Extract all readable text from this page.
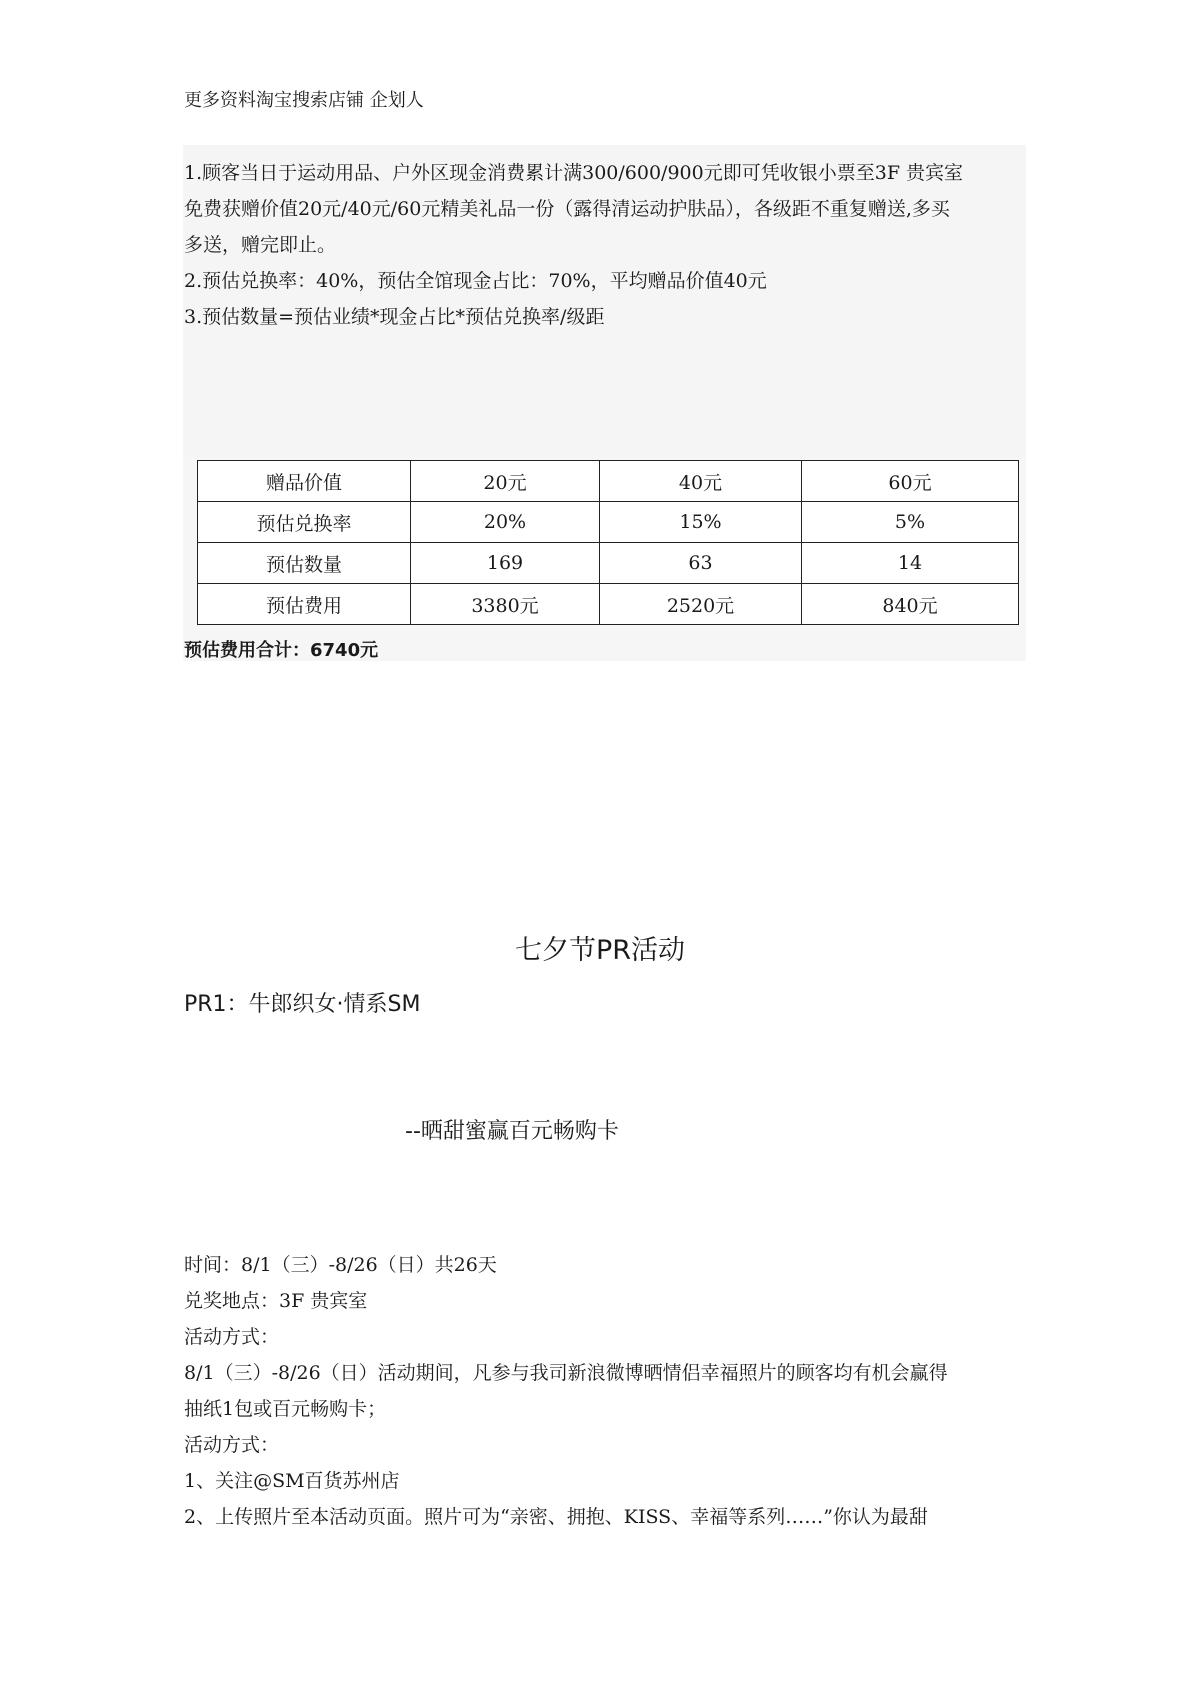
更多资料淘宝搜索店铺 企划人
1.顾客当日于运动用品、户外区现金消费累计满300/600/900元即可凭收银小票至3F 贵宾室
免费获赠价值20元/40元/60元精美礼品一份（露得清运动护肤品），各级距不重复赠送,多买
多送，赠完即止。
2.预估兑换率：40%，预估全馆现金占比：70%，平均赠品价值40元
3.预估数量=预估业绩*现金占比*预估兑换率/级距
赠品价值	20元	40元	60元
预估兑换率	20%	15%	5%
预估数量	169	63	14
预估费用	3380元	2520元	840元
预估费用合计：6740元
七夕节PR活动
PR1：牛郎织女·情系SM
--晒甜蜜赢百元畅购卡
时间：8/1（三）-8/26（日）共26天
兑奖地点：3F 贵宾室
活动方式：
8/1（三）-8/26（日）活动期间，凡参与我司新浪微博晒情侣幸福照片的顾客均有机会赢得
抽纸1包或百元畅购卡；
活动方式：
1、关注@SM百货苏州店
2、上传照片至本活动页面。照片可为“亲密、拥抱、KISS、幸福等系列……”你认为最甜
